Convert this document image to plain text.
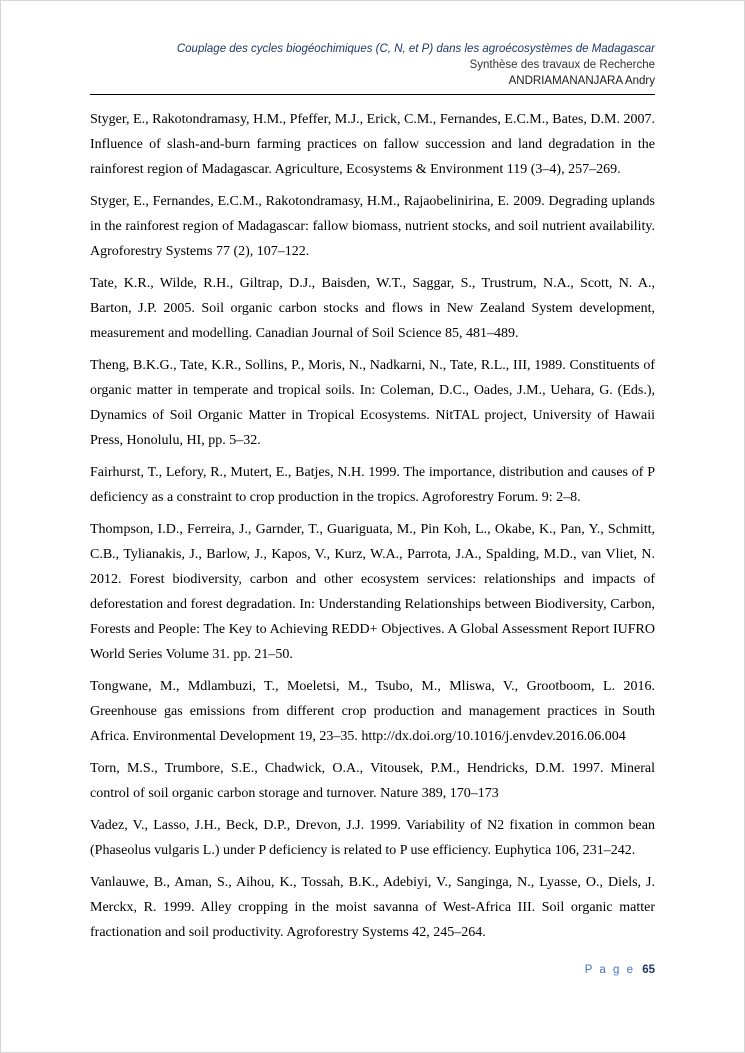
Couplage des cycles biogéochimiques (C, N, et P) dans les agroécosystèmes de Madagascar
Synthèse des travaux de Recherche
ANDRIAMANANJARA Andry

Styger, E., Rakotondramasy, H.M., Pfeffer, M.J., Erick, C.M., Fernandes, E.C.M., Bates, D.M. 2007. Influence of slash-and-burn farming practices on fallow succession and land degradation in the rainforest region of Madagascar. Agriculture, Ecosystems & Environment 119 (3–4), 257–269.

Styger, E., Fernandes, E.C.M., Rakotondramasy, H.M., Rajaobelinirina, E. 2009. Degrading uplands in the rainforest region of Madagascar: fallow biomass, nutrient stocks, and soil nutrient availability. Agroforestry Systems 77 (2), 107–122.

Tate, K.R., Wilde, R.H., Giltrap, D.J., Baisden, W.T., Saggar, S., Trustrum, N.A., Scott, N. A., Barton, J.P. 2005. Soil organic carbon stocks and flows in New Zealand System development, measurement and modelling. Canadian Journal of Soil Science 85, 481–489.

Theng, B.K.G., Tate, K.R., Sollins, P., Moris, N., Nadkarni, N., Tate, R.L., III, 1989. Constituents of organic matter in temperate and tropical soils. In: Coleman, D.C., Oades, J.M., Uehara, G. (Eds.), Dynamics of Soil Organic Matter in Tropical Ecosystems. NitTAL project, University of Hawaii Press, Honolulu, HI, pp. 5–32.

Fairhurst, T., Lefory, R., Mutert, E., Batjes, N.H. 1999. The importance, distribution and causes of P deficiency as a constraint to crop production in the tropics. Agroforestry Forum. 9: 2–8.

Thompson, I.D., Ferreira, J., Garnder, T., Guariguata, M., Pin Koh, L., Okabe, K., Pan, Y., Schmitt, C.B., Tylianakis, J., Barlow, J., Kapos, V., Kurz, W.A., Parrota, J.A., Spalding, M.D., van Vliet, N. 2012. Forest biodiversity, carbon and other ecosystem services: relationships and impacts of deforestation and forest degradation. In: Understanding Relationships between Biodiversity, Carbon, Forests and People: The Key to Achieving REDD+ Objectives. A Global Assessment Report IUFRO World Series Volume 31. pp. 21–50.

Tongwane, M., Mdlambuzi, T., Moeletsi, M., Tsubo, M., Mliswa, V., Grootboom, L. 2016. Greenhouse gas emissions from different crop production and management practices in South Africa. Environmental Development 19, 23–35. http://dx.doi.org/10.1016/j.envdev.2016.06.004

Torn, M.S., Trumbore, S.E., Chadwick, O.A., Vitousek, P.M., Hendricks, D.M. 1997. Mineral control of soil organic carbon storage and turnover. Nature 389, 170–173

Vadez, V., Lasso, J.H., Beck, D.P., Drevon, J.J. 1999. Variability of N2 fixation in common bean (Phaseolus vulgaris L.) under P deficiency is related to P use efficiency. Euphytica 106, 231–242.

Vanlauwe, B., Aman, S., Aihou, K., Tossah, B.K., Adebiyi, V., Sanginga, N., Lyasse, O., Diels, J. Merckx, R. 1999. Alley cropping in the moist savanna of West-Africa III. Soil organic matter fractionation and soil productivity. Agroforestry Systems 42, 245–264.

P a g e 65
